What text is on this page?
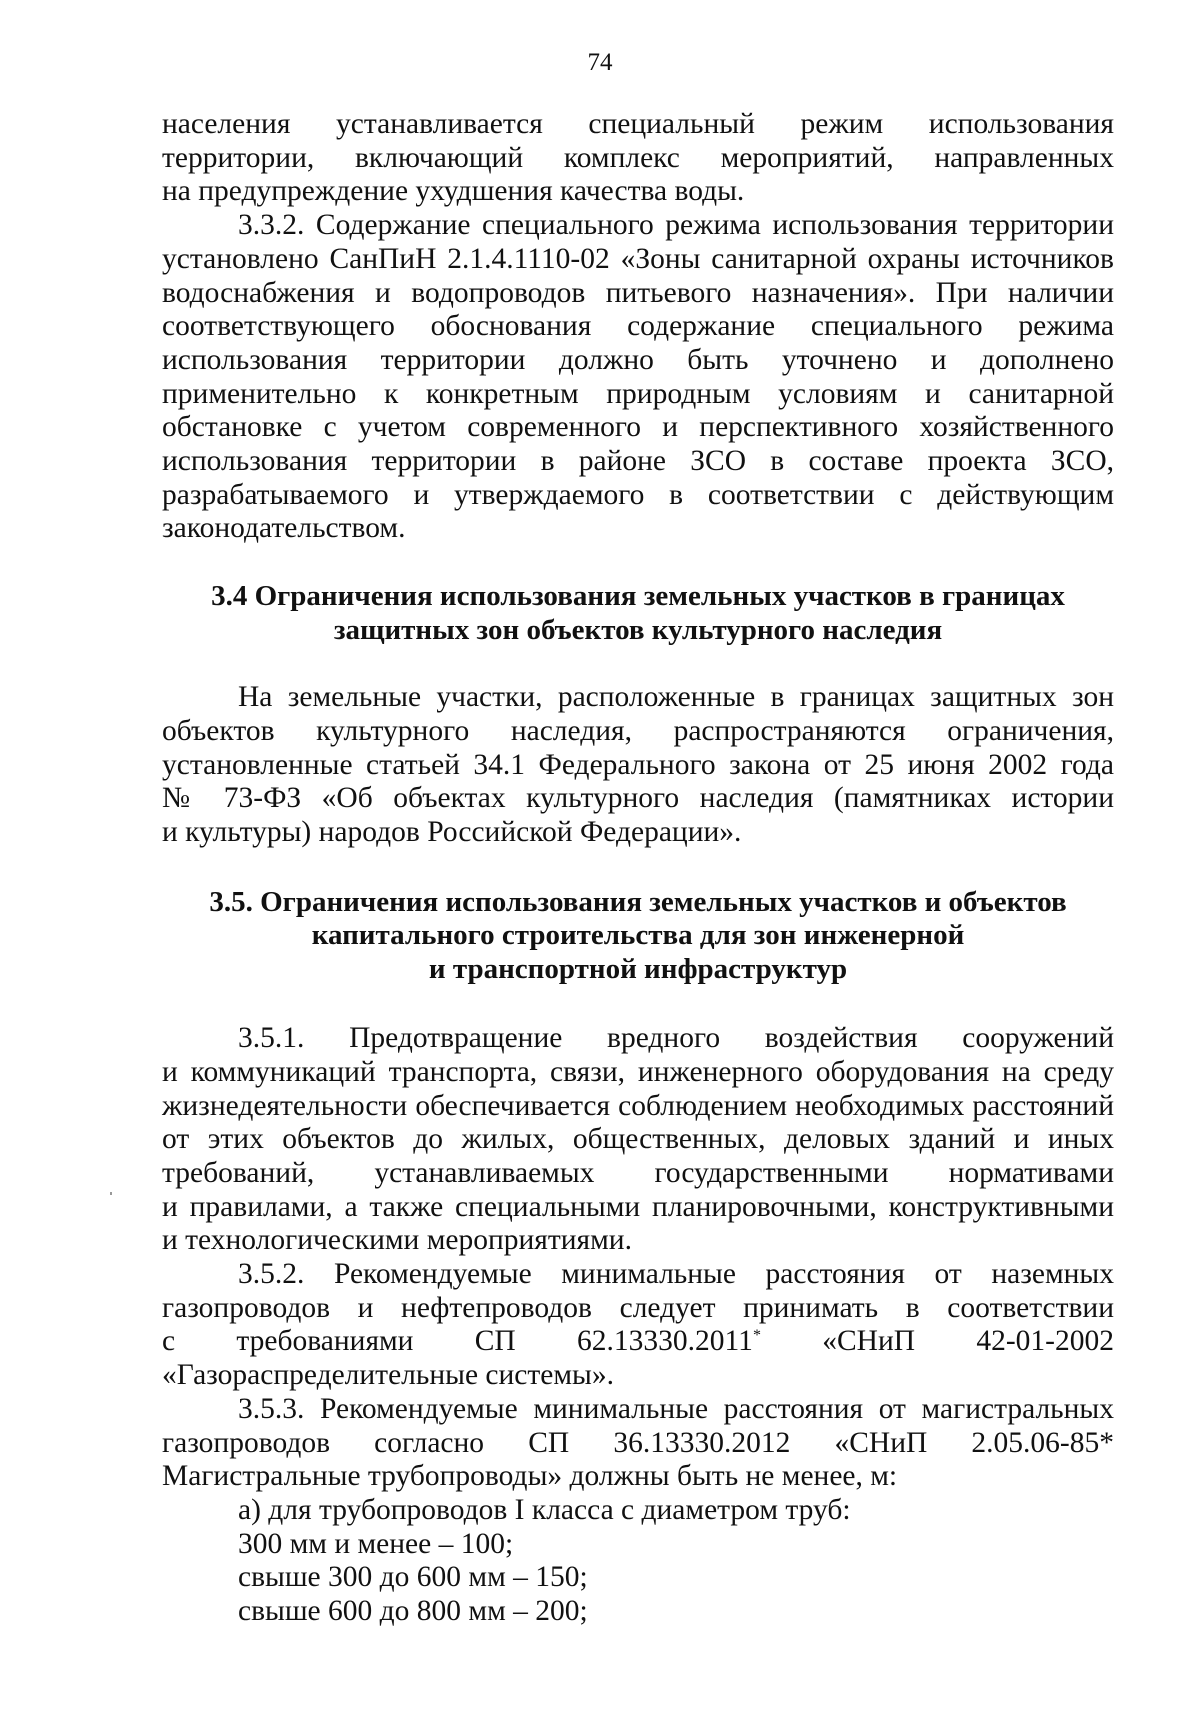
74

населения устанавливается специальный режим использования

территории, включающий комплекс мероприятий, направленных

на предупреждение ухудшения качества воды.

3.3.2. Содержание специального режима использования территории

установлено СанПиН 2.1.4.1110-02 «Зоны санитарной охраны источников

водоснабжения и водопроводов питьевого назначения». При наличии

соответствующего обоснования содержание специального режима

использования территории должно быть уточнено и дополнено

применительно к конкретным природным условиям и санитарной

обстановке с учетом современного и перспективного хозяйственного

использования территории в районе ЗСО в составе проекта ЗСО,

разрабатываемого и утверждаемого в соответствии с действующим

законодательством.

3.4 Ограничения использования земельных участков в границах

защитных зон объектов культурного наследия

На земельные участки, расположенные в границах защитных зон

объектов культурного наследия, распространяются ограничения,

установленные статьей 34.1 Федерального закона от 25 июня 2002 года

№ 73-ФЗ «Об объектах культурного наследия (памятниках истории

и культуры) народов Российской Федерации».

3.5. Ограничения использования земельных участков и объектов

капитального строительства для зон инженерной

и транспортной инфраструктур

3.5.1. Предотвращение вредного воздействия сооружений

и коммуникаций транспорта, связи, инженерного оборудования на среду

жизнедеятельности обеспечивается соблюдением необходимых расстояний

от этих объектов до жилых, общественных, деловых зданий и иных

требований, устанавливаемых государственными нормативами

и правилами, а также специальными планировочными, конструктивными

и технологическими мероприятиями.

3.5.2. Рекомендуемые минимальные расстояния от наземных

газопроводов и нефтепроводов следует принимать в соответствии

с требованиями СП 62.13330.2011* «СНиП 42-01-2002

«Газораспределительные системы».

3.5.3. Рекомендуемые минимальные расстояния от магистральных

газопроводов согласно СП 36.13330.2012 «СНиП 2.05.06-85*

Магистральные трубопроводы» должны быть не менее, м:

а) для трубопроводов I класса с диаметром труб:

300 мм и менее – 100;

свыше 300 до 600 мм – 150;

свыше 600 до 800 мм – 200;
